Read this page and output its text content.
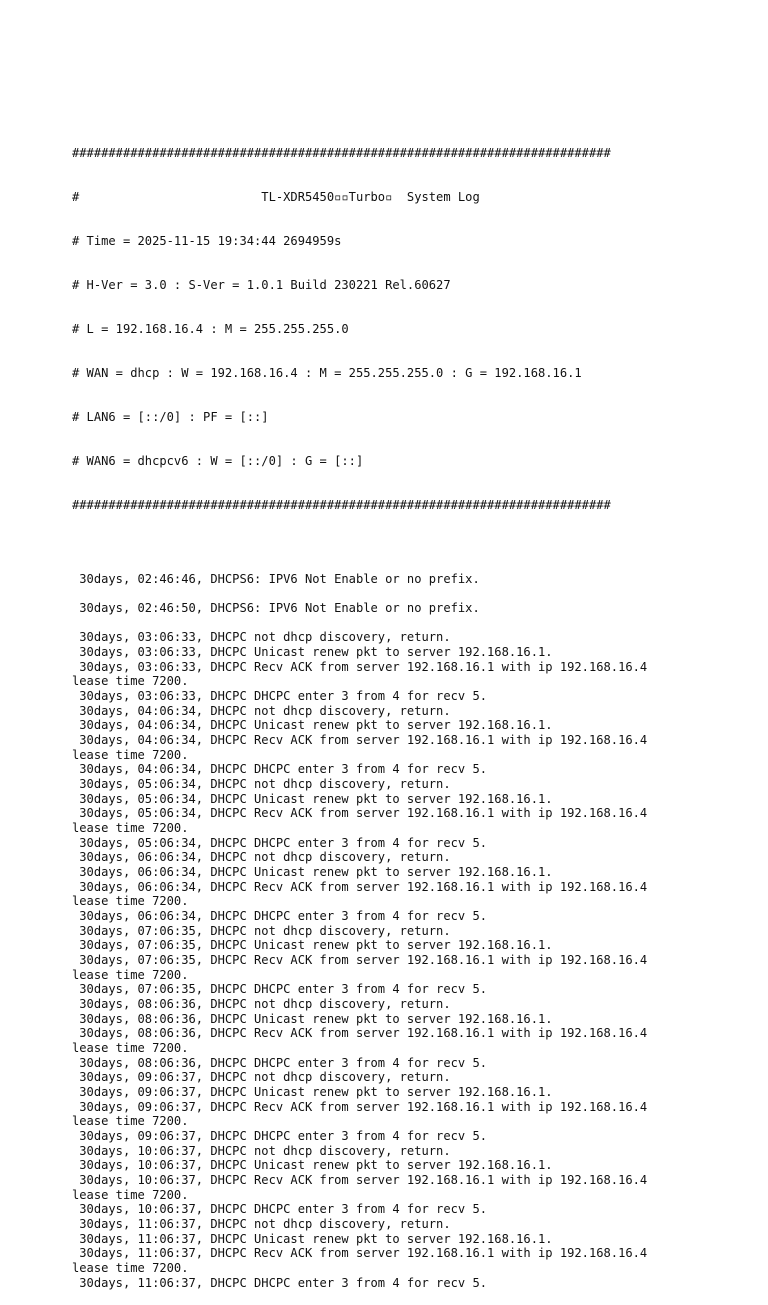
##########################################################################

#                         TL-XDR5450▫▫Turbo▫  System Log

# Time = 2025-11-15 19:34:44 2694959s

# H-Ver = 3.0 : S-Ver = 1.0.1 Build 230221 Rel.60627

# L = 192.168.16.4 : M = 255.255.255.0

# WAN = dhcp : W = 192.168.16.4 : M = 255.255.255.0 : G = 192.168.16.1

# LAN6 = [::/0] : PF = [::]

# WAN6 = dhcpcv6 : W = [::/0] : G = [::]

##########################################################################

30days, 02:46:46, DHCPS6: IPV6 Not Enable or no prefix.
30days, 02:46:50, DHCPS6: IPV6 Not Enable or no prefix.
30days, 03:06:33, DHCPC not dhcp discovery, return.
30days, 03:06:33, DHCPC Unicast renew pkt to server 192.168.16.1.
30days, 03:06:33, DHCPC Recv ACK from server 192.168.16.1 with ip 192.168.16.4
lease time 7200.
30days, 03:06:33, DHCPC DHCPC enter 3 from 4 for recv 5.
30days, 04:06:34, DHCPC not dhcp discovery, return.
30days, 04:06:34, DHCPC Unicast renew pkt to server 192.168.16.1.
30days, 04:06:34, DHCPC Recv ACK from server 192.168.16.1 with ip 192.168.16.4
lease time 7200.
30days, 04:06:34, DHCPC DHCPC enter 3 from 4 for recv 5.
30days, 05:06:34, DHCPC not dhcp discovery, return.
30days, 05:06:34, DHCPC Unicast renew pkt to server 192.168.16.1.
30days, 05:06:34, DHCPC Recv ACK from server 192.168.16.1 with ip 192.168.16.4
lease time 7200.
30days, 05:06:34, DHCPC DHCPC enter 3 from 4 for recv 5.
30days, 06:06:34, DHCPC not dhcp discovery, return.
30days, 06:06:34, DHCPC Unicast renew pkt to server 192.168.16.1.
30days, 06:06:34, DHCPC Recv ACK from server 192.168.16.1 with ip 192.168.16.4
lease time 7200.
30days, 06:06:34, DHCPC DHCPC enter 3 from 4 for recv 5.
30days, 07:06:35, DHCPC not dhcp discovery, return.
30days, 07:06:35, DHCPC Unicast renew pkt to server 192.168.16.1.
30days, 07:06:35, DHCPC Recv ACK from server 192.168.16.1 with ip 192.168.16.4
lease time 7200.
30days, 07:06:35, DHCPC DHCPC enter 3 from 4 for recv 5.
30days, 08:06:36, DHCPC not dhcp discovery, return.
30days, 08:06:36, DHCPC Unicast renew pkt to server 192.168.16.1.
30days, 08:06:36, DHCPC Recv ACK from server 192.168.16.1 with ip 192.168.16.4
lease time 7200.
30days, 08:06:36, DHCPC DHCPC enter 3 from 4 for recv 5.
30days, 09:06:37, DHCPC not dhcp discovery, return.
30days, 09:06:37, DHCPC Unicast renew pkt to server 192.168.16.1.
30days, 09:06:37, DHCPC Recv ACK from server 192.168.16.1 with ip 192.168.16.4
lease time 7200.
30days, 09:06:37, DHCPC DHCPC enter 3 from 4 for recv 5.
30days, 10:06:37, DHCPC not dhcp discovery, return.
30days, 10:06:37, DHCPC Unicast renew pkt to server 192.168.16.1.
30days, 10:06:37, DHCPC Recv ACK from server 192.168.16.1 with ip 192.168.16.4
lease time 7200.
30days, 10:06:37, DHCPC DHCPC enter 3 from 4 for recv 5.
30days, 11:06:37, DHCPC not dhcp discovery, return.
30days, 11:06:37, DHCPC Unicast renew pkt to server 192.168.16.1.
30days, 11:06:37, DHCPC Recv ACK from server 192.168.16.1 with ip 192.168.16.4
lease time 7200.
30days, 11:06:37, DHCPC DHCPC enter 3 from 4 for recv 5.
